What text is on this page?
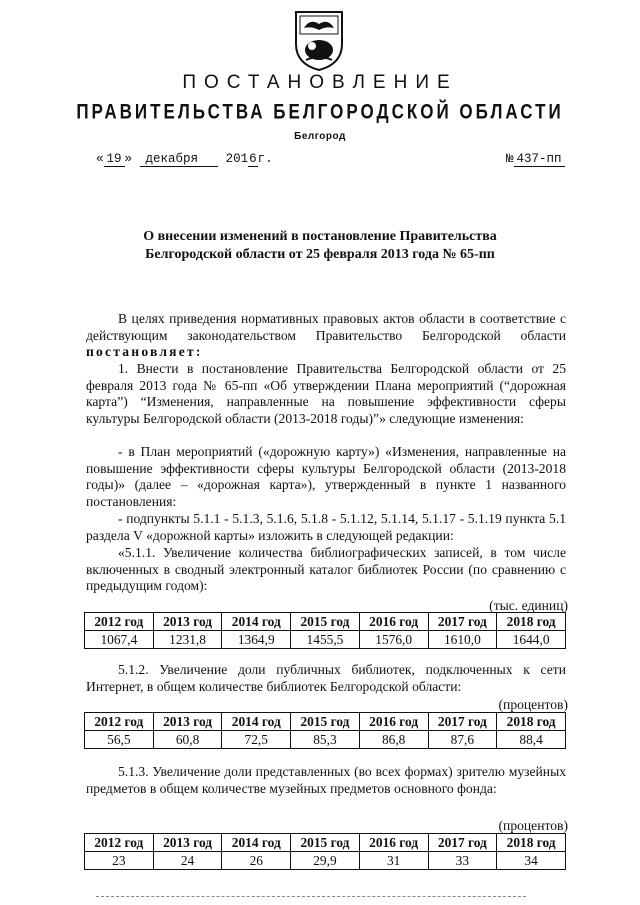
ПОСТАНОВЛЕНИЕ
ПРАВИТЕЛЬСТВА БЕЛГОРОДСКОЙ ОБЛАСТИ
Белгород
« 19 » декабря 2016г.	№ 437-пп
О внесении изменений в постановление Правительства
Белгородской области от 25 февраля 2013 года № 65-пп
В целях приведения нормативных правовых актов области в соответствие с действующим законодательством Правительство Белгородской области постановляет:
1. Внести в постановление Правительства Белгородской области от 25 февраля 2013 года № 65-пп «Об утверждении Плана мероприятий (“дорожная карта”) “Изменения, направленные на повышение эффективности сферы культуры Белгородской области (2013-2018 годы)”» следующие изменения:
- в План мероприятий («дорожную карту») «Изменения, направленные на повышение эффективности сферы культуры Белгородской области (2013-2018 годы)» (далее – «дорожная карта»), утвержденный в пункте 1 названного постановления:
- подпункты 5.1.1 - 5.1.3, 5.1.6, 5.1.8 - 5.1.12, 5.1.14, 5.1.17 - 5.1.19 пункта 5.1 раздела V «дорожной карты» изложить в следующей редакции:
«5.1.1. Увеличение количества библиографических записей, в том числе включенных в сводный электронный каталог библиотек России (по сравнению с предыдущим годом):
(тыс. единиц)
2012 год	2013 год	2014 год	2015 год	2016 год	2017 год	2018 год
1067,4	1231,8	1364,9	1455,5	1576,0	1610,0	1644,0
5.1.2. Увеличение доли публичных библиотек, подключенных к сети Интернет, в общем количестве библиотек Белгородской области:
(процентов)
2012 год	2013 год	2014 год	2015 год	2016 год	2017 год	2018 год
56,5	60,8	72,5	85,3	86,8	87,6	88,4
5.1.3. Увеличение доли представленных (во всех формах) зрителю музейных предметов в общем количестве музейных предметов основного фонда:
(процентов)
2012 год	2013 год	2014 год	2015 год	2016 год	2017 год	2018 год
23	24	26	29,9	31	33	34
